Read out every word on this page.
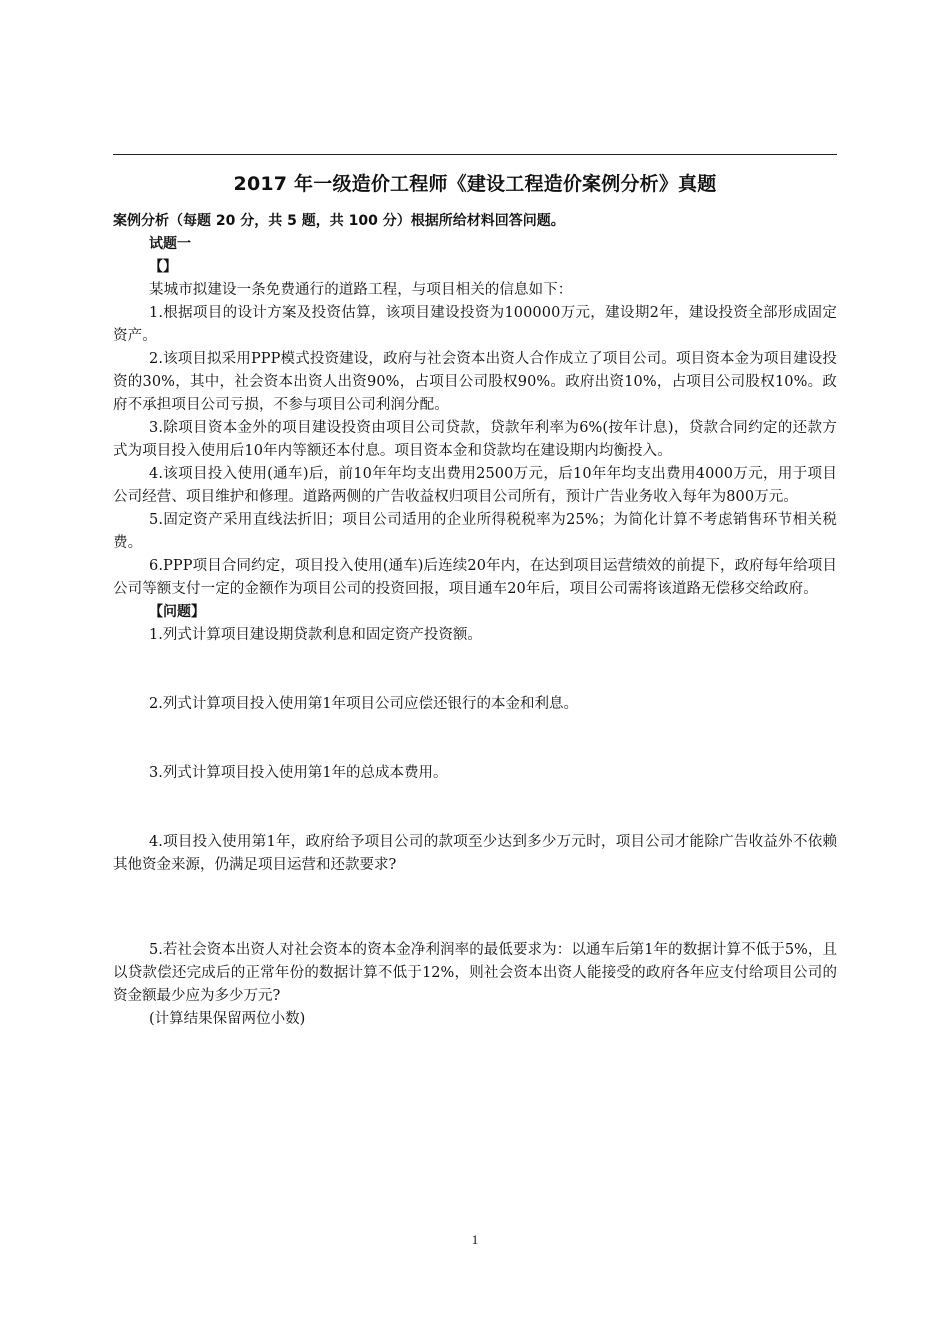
2017 年一级造价工程师《建设工程造价案例分析》真题

案例分析（每题 20 分，共 5 题，共 100 分）根据所给材料回答问题。

试题一

【】

某城市拟建设一条免费通行的道路工程，与项目相关的信息如下：

1.根据项目的设计方案及投资估算，该项目建设投资为100000万元，建设期2年，建设投资全部形成固定资产。

2.该项目拟采用PPP模式投资建设，政府与社会资本出资人合作成立了项目公司。项目资本金为项目建设投资的30%，其中，社会资本出资人出资90%，占项目公司股权90%。政府出资10%，占项目公司股权10%。政府不承担项目公司亏损，不参与项目公司利润分配。

3.除项目资本金外的项目建设投资由项目公司贷款，贷款年利率为6%(按年计息)，贷款合同约定的还款方式为项目投入使用后10年内等额还本付息。项目资本金和贷款均在建设期内均衡投入。

4.该项目投入使用(通车)后，前10年年均支出费用2500万元，后10年年均支出费用4000万元，用于项目公司经营、项目维护和修理。道路两侧的广告收益权归项目公司所有，预计广告业务收入每年为800万元。

5.固定资产采用直线法折旧；项目公司适用的企业所得税税率为25%；为简化计算不考虑销售环节相关税费。

6.PPP项目合同约定，项目投入使用(通车)后连续20年内，在达到项目运营绩效的前提下，政府每年给项目公司等额支付一定的金额作为项目公司的投资回报，项目通车20年后，项目公司需将该道路无偿移交给政府。

【问题】

1.列式计算项目建设期贷款利息和固定资产投资额。

2.列式计算项目投入使用第1年项目公司应偿还银行的本金和利息。

3.列式计算项目投入使用第1年的总成本费用。

4.项目投入使用第1年，政府给予项目公司的款项至少达到多少万元时，项目公司才能除广告收益外不依赖其他资金来源，仍满足项目运营和还款要求?

5.若社会资本出资人对社会资本的资本金净利润率的最低要求为：以通车后第1年的数据计算不低于5%，且以贷款偿还完成后的正常年份的数据计算不低于12%，则社会资本出资人能接受的政府各年应支付给项目公司的资金额最少应为多少万元?

(计算结果保留两位小数)

1
